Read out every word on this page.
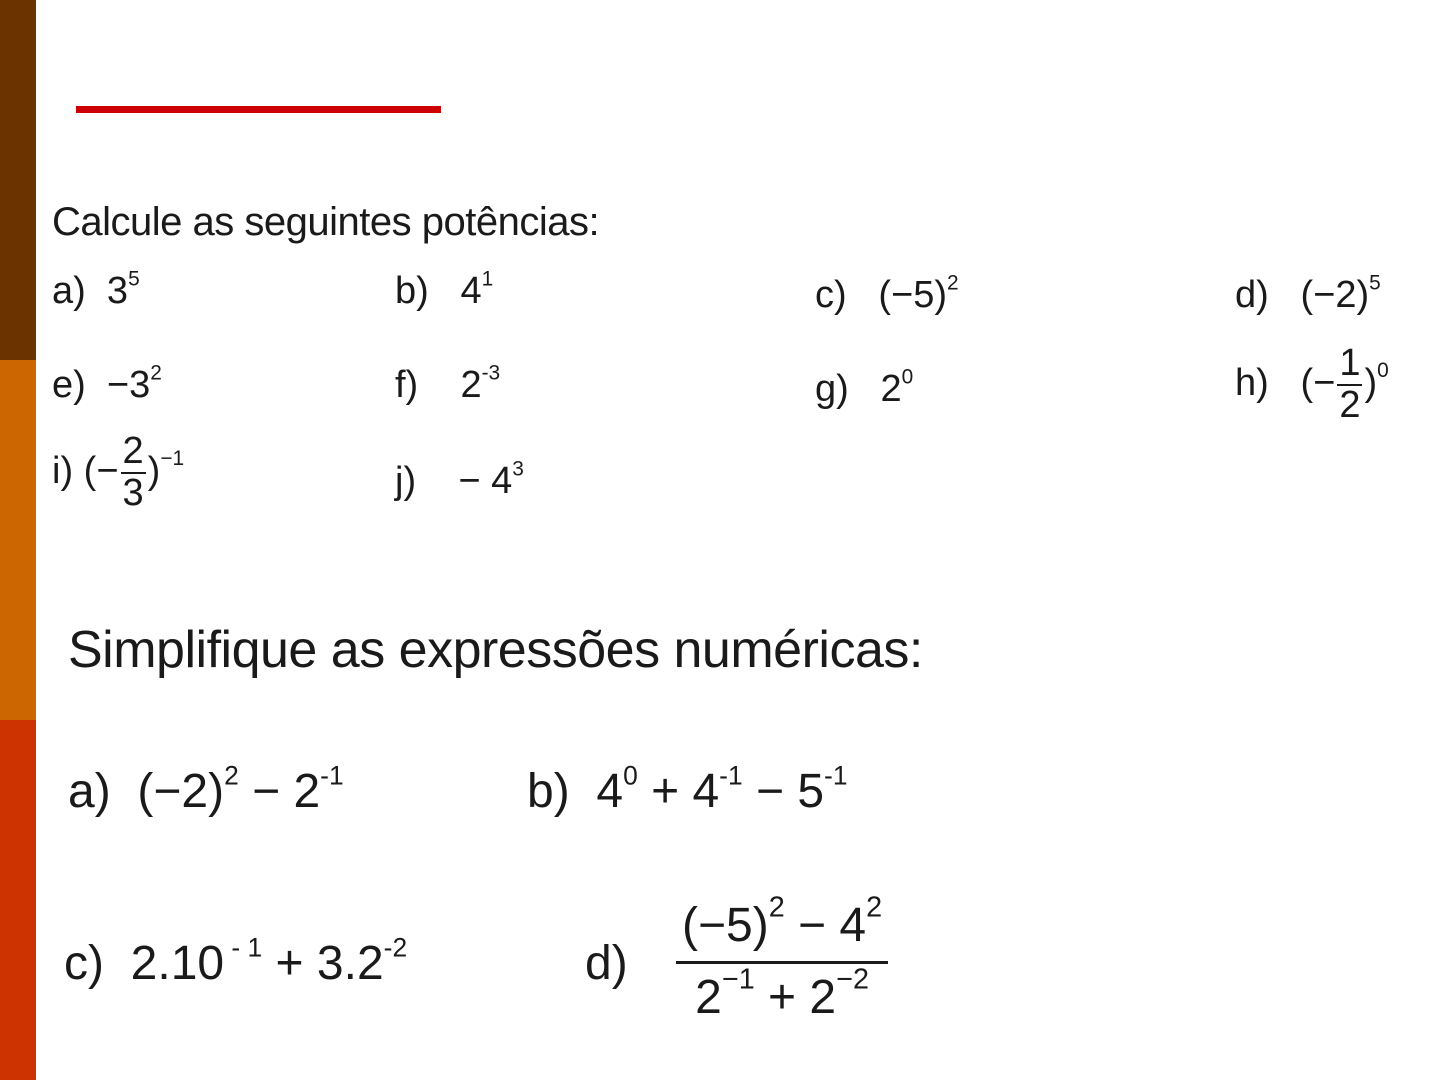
Calcule as seguintes potências:
a) $3^5$	b) $4^1$	c) $(-5)^2$	d) $(-2)^5$
$e) -3^2$	f) $2^{-3}$	g) $2^0$	h) (− $\frac{1}{2} )^0$
i) (− $\frac{2}{3} )^{-1}$
$j) - 4^3$
Simplifique as expressões numéricas:
a) $(-2)^2 - 2^{-1}$	b) $4^0 + 4^{-1} - 5^{-1}$
c) 2.10 $^{- 1} + 3.2^{-2}$	d)
$(-5)^2 - 4^2$
$2^{-1} + 2^{-2}$
